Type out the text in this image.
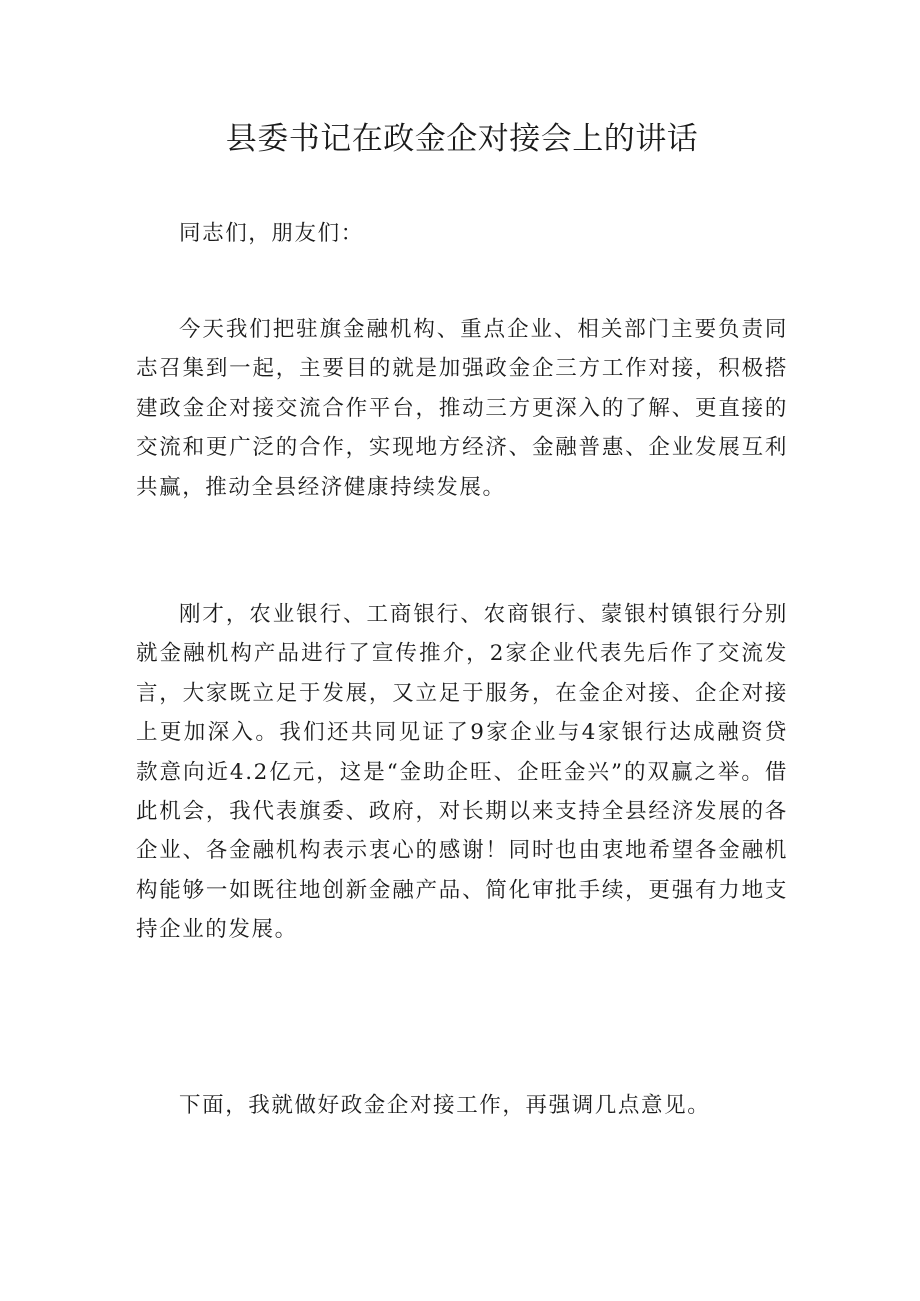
县委书记在政金企对接会上的讲话

同志们，朋友们：

今天我们把驻旗金融机构、重点企业、相关部门主要负责同志召集到一起，主要目的就是加强政金企三方工作对接，积极搭建政金企对接交流合作平台，推动三方更深入的了解、更直接的交流和更广泛的合作，实现地方经济、金融普惠、企业发展互利共赢，推动全县经济健康持续发展。

刚才，农业银行、工商银行、农商银行、蒙银村镇银行分别就金融机构产品进行了宣传推介，2家企业代表先后作了交流发言，大家既立足于发展，又立足于服务，在金企对接、企企对接上更加深入。我们还共同见证了9家企业与4家银行达成融资贷款意向近4.2亿元，这是“金助企旺、企旺金兴”的双赢之举。借此机会，我代表旗委、政府，对长期以来支持全县经济发展的各企业、各金融机构表示衷心的感谢！同时也由衷地希望各金融机构能够一如既往地创新金融产品、简化审批手续，更强有力地支持企业的发展。

下面，我就做好政金企对接工作，再强调几点意见。
